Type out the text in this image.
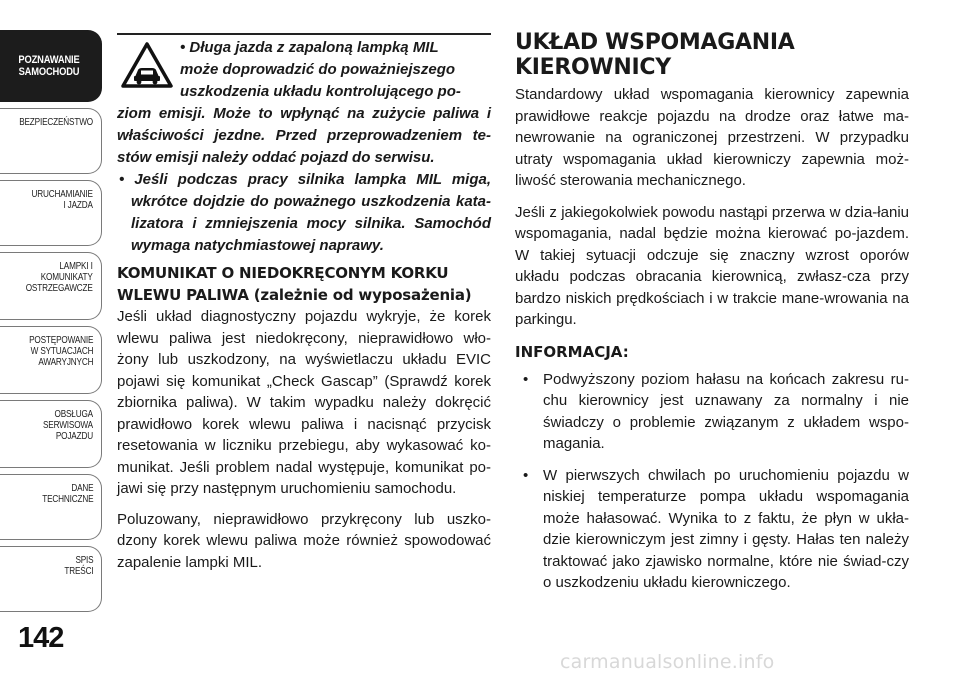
POZNAWANIE
SAMOCHODU
BEZPIECZEŃSTWO
URUCHAMIANIE
I JAZDA
LAMPKI I
KOMUNIKATY
OSTRZEGAWCZE
POSTĘPOWANIE
W SYTUACJACH
AWARYJNYCH
OBSŁUGA
SERWISOWA
POJAZDU
DANE
TECHNICZNE
SPIS
TREŚCI
142
• Długa jazda z zapaloną lampką MIL
może doprowadzić do poważniejszego
uszkodzenia układu kontrolującego po-
ziom emisji. Może to wpłynąć na zużycie paliwa i właściwości jezdne. Przed przeprowadzeniem te-stów emisji należy oddać pojazd do serwisu.
• Jeśli podczas pracy silnika lampka MIL miga, wkrótce dojdzie do poważnego uszkodzenia kata-lizatora i zmniejszenia mocy silnika. Samochód wymaga natychmiastowej naprawy.
KOMUNIKAT O NIEDOKRĘCONYM KORKU WLEWU PALIWA (zależnie od wyposażenia)

Jeśli układ diagnostyczny pojazdu wykryje, że korek wlewu paliwa jest niedokręcony, nieprawidłowo wło-żony lub uszkodzony, na wyświetlaczu układu EVIC pojawi się komunikat „Check Gascap” (Sprawdź korek zbiornika paliwa). W takim wypadku należy dokręcić prawidłowo korek wlewu paliwa i nacisnąć przycisk resetowania w liczniku przebiegu, aby wykasować ko-munikat. Jeśli problem nadal występuje, komunikat po-jawi się przy następnym uruchomieniu samochodu.

Poluzowany, nieprawidłowo przykręcony lub uszko-dzony korek wlewu paliwa może również spowodować zapalenie lampki MIL.

UKŁAD WSPOMAGANIA KIEROWNICY

Standardowy układ wspomagania kierownicy zapewnia prawidłowe reakcje pojazdu na drodze oraz łatwe ma-newrowanie na ograniczonej przestrzeni. W przypadku utraty wspomagania układ kierowniczy zapewnia moż-liwość sterowania mechanicznego.

Jeśli z jakiegokolwiek powodu nastąpi przerwa w dzia-łaniu wspomagania, nadal będzie można kierować po-jazdem. W takiej sytuacji odczuje się znaczny wzrost oporów układu podczas obracania kierownicą, zwłasz-cza przy bardzo niskich prędkościach i w trakcie mane-wrowania na parkingu.

INFORMACJA:

• Podwyższony poziom hałasu na końcach zakresu ru-chu kierownicy jest uznawany za normalny i nie świadczy o problemie związanym z układem wspo-magania.

• W pierwszych chwilach po uruchomieniu pojazdu w niskiej temperaturze pompa układu wspomagania może hałasować. Wynika to z faktu, że płyn w ukła-dzie kierowniczym jest zimny i gęsty. Hałas ten należy traktować jako zjawisko normalne, które nie świad-czy o uszkodzeniu układu kierowniczego.

carmanualsonline.info
